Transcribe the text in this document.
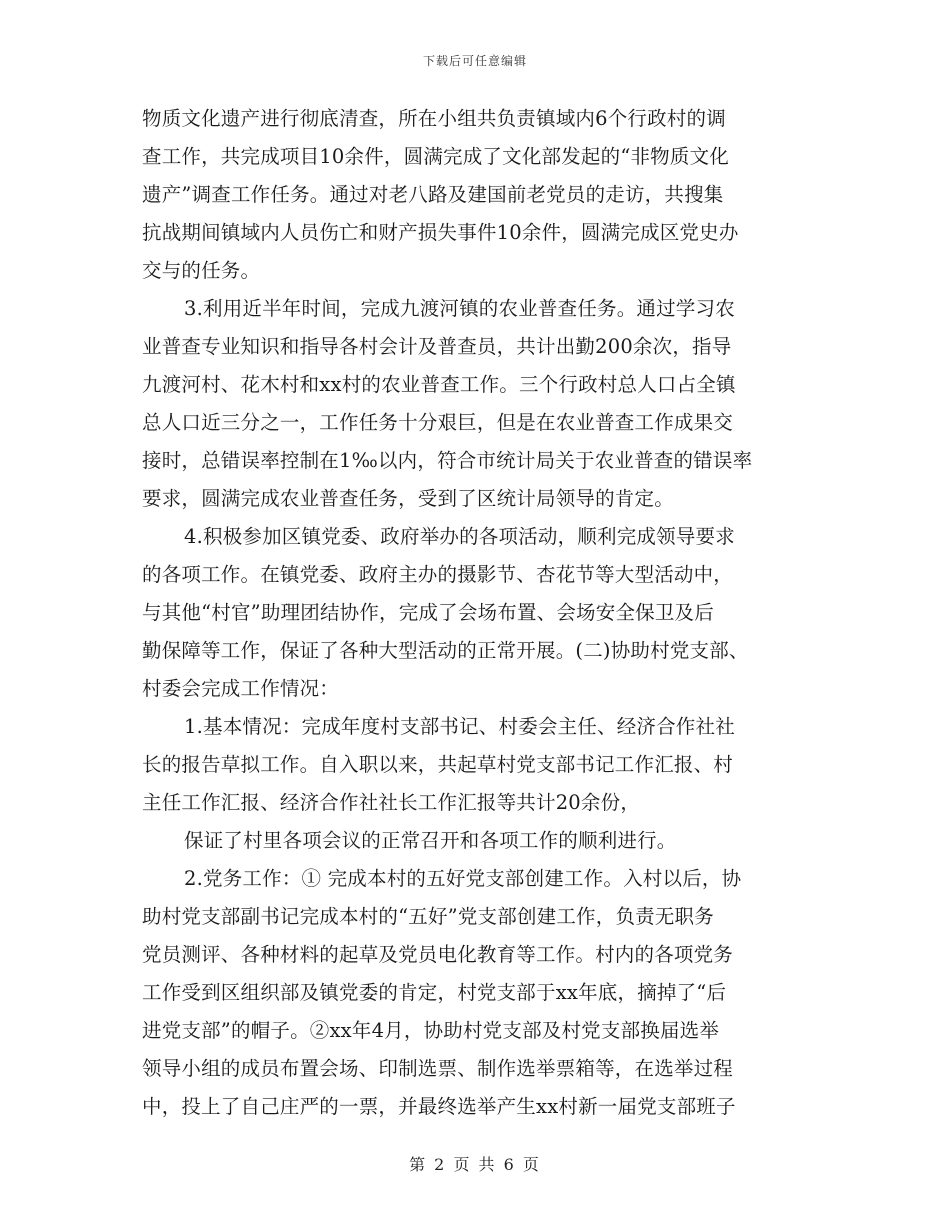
下载后可任意编辑
物质文化遗产进行彻底清查，所在小组共负责镇域内6个行政村的调
查工作，共完成项目10余件，圆满完成了文化部发起的“非物质文化
遗产”调查工作任务。通过对老八路及建国前老党员的走访，共搜集
抗战期间镇域内人员伤亡和财产损失事件10余件，圆满完成区党史办
交与的任务。
3.利用近半年时间，完成九渡河镇的农业普查任务。通过学习农
业普查专业知识和指导各村会计及普查员，共计出勤200余次，指导
九渡河村、花木村和xx村的农业普查工作。三个行政村总人口占全镇
总人口近三分之一，工作任务十分艰巨，但是在农业普查工作成果交
接时，总错误率控制在1‰以内，符合市统计局关于农业普查的错误率
要求，圆满完成农业普查任务，受到了区统计局领导的肯定。
4.积极参加区镇党委、政府举办的各项活动，顺利完成领导要求
的各项工作。在镇党委、政府主办的摄影节、杏花节等大型活动中，
与其他“村官”助理团结协作，完成了会场布置、会场安全保卫及后
勤保障等工作，保证了各种大型活动的正常开展。(二)协助村党支部、
村委会完成工作情况：
1.基本情况：完成年度村支部书记、村委会主任、经济合作社社
长的报告草拟工作。自入职以来，共起草村党支部书记工作汇报、村
主任工作汇报、经济合作社社长工作汇报等共计20余份，
保证了村里各项会议的正常召开和各项工作的顺利进行。
2.党务工作：① 完成本村的五好党支部创建工作。入村以后，协
助村党支部副书记完成本村的“五好”党支部创建工作，负责无职务
党员测评、各种材料的起草及党员电化教育等工作。村内的各项党务
工作受到区组织部及镇党委的肯定，村党支部于xx年底，摘掉了“后
进党支部”的帽子。②xx年4月，协助村党支部及村党支部换届选举
领导小组的成员布置会场、印制选票、制作选举票箱等，在选举过程
中，投上了自己庄严的一票，并最终选举产生xx村新一届党支部班子
第 2 页 共 6 页
